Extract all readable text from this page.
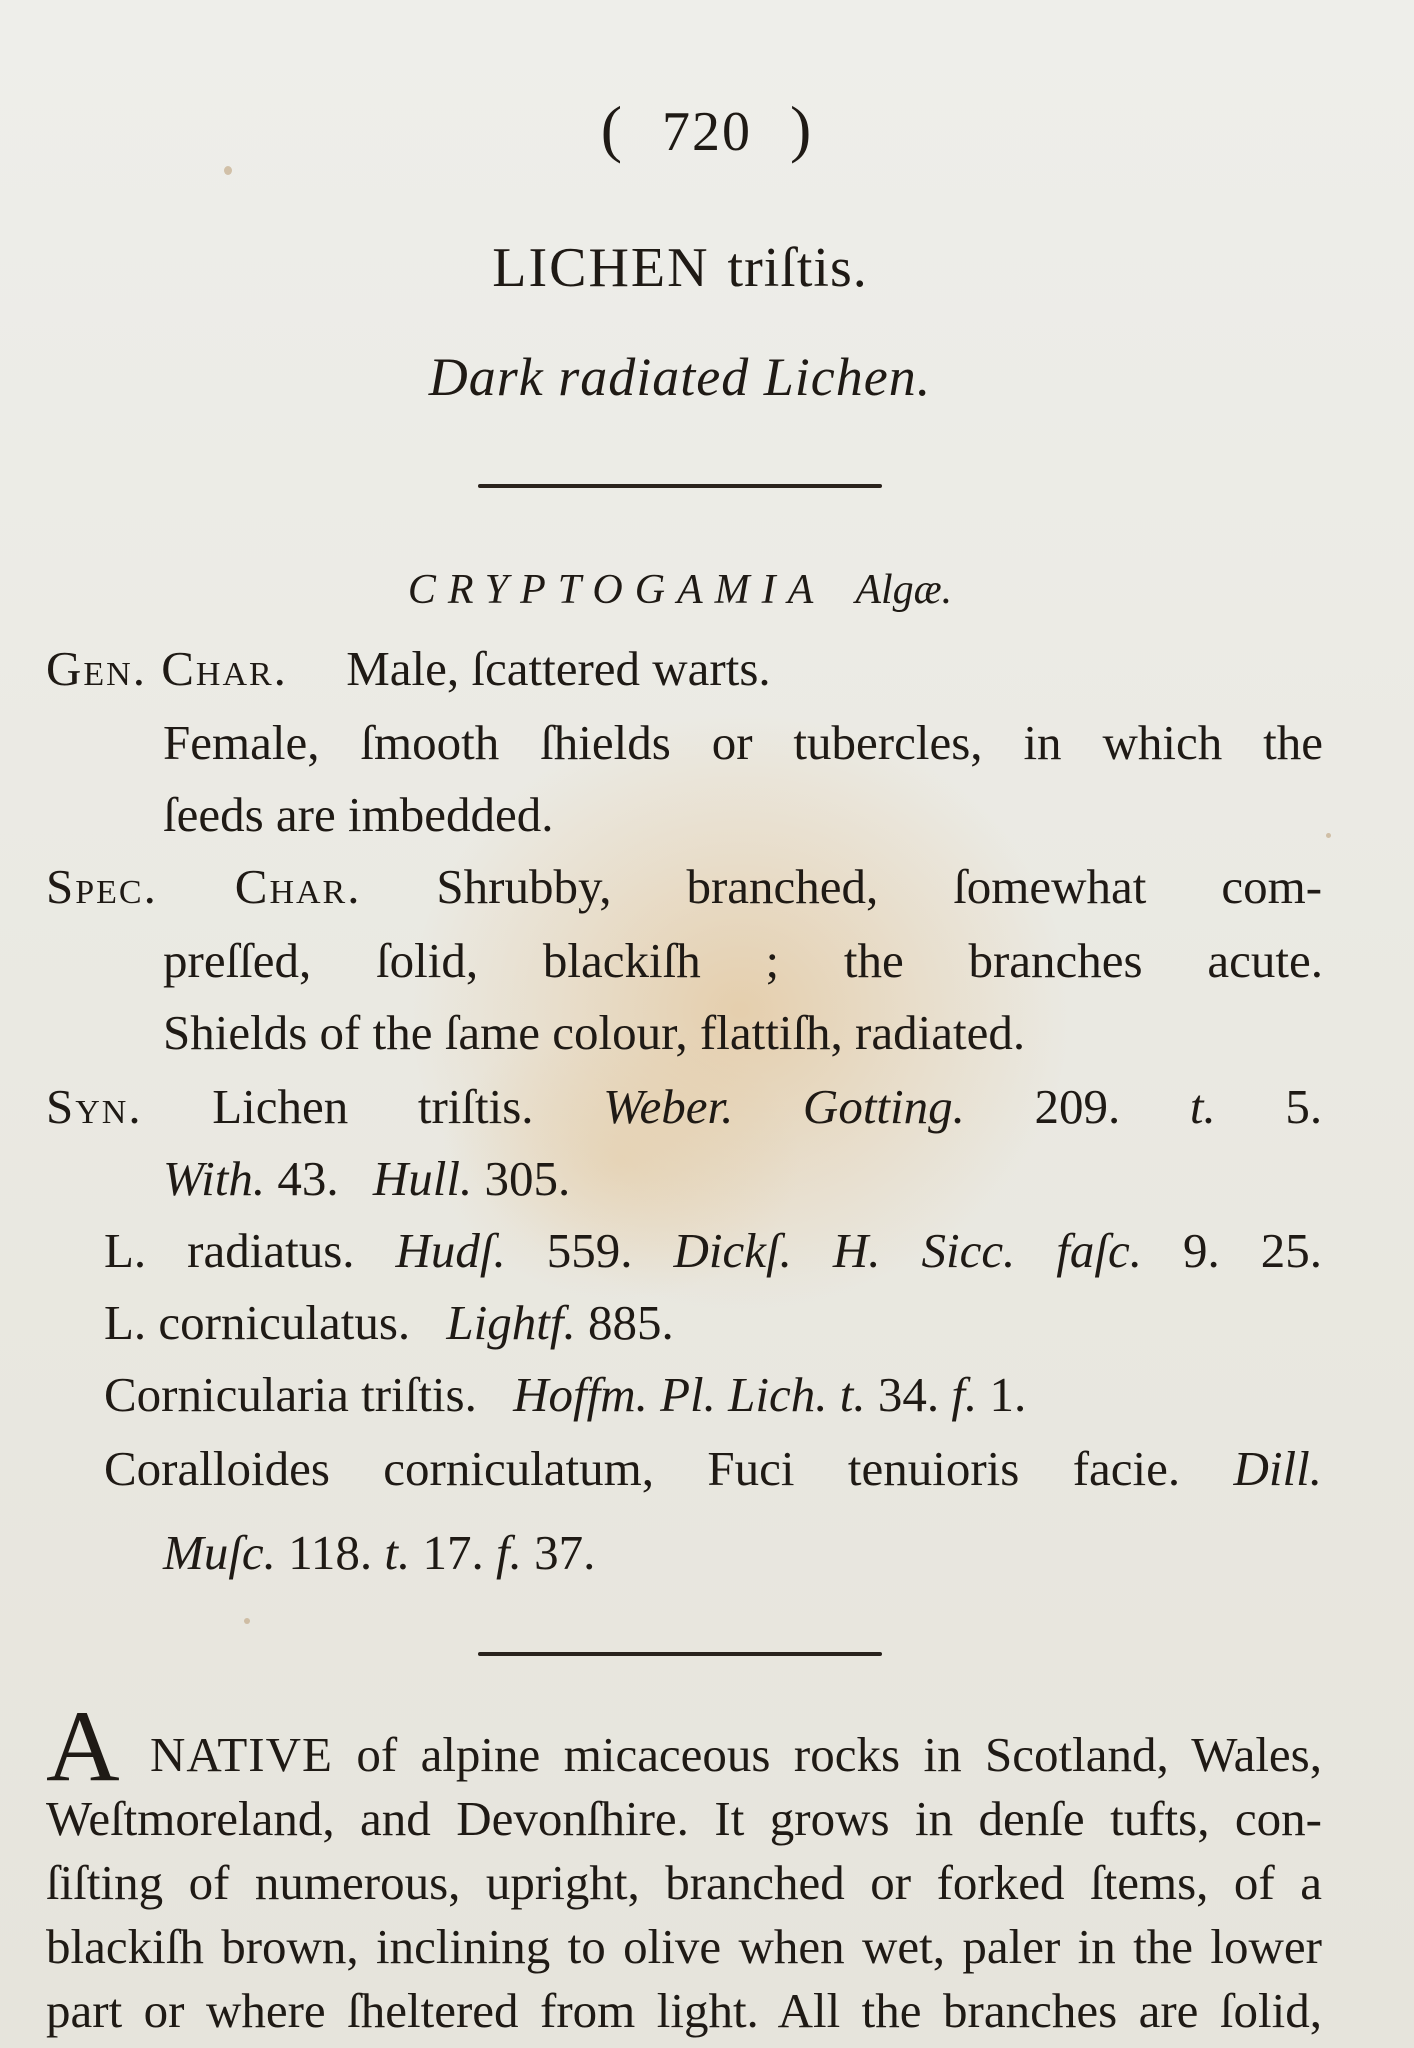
( 720 )
LICHEN triſtis.
Dark radiated Lichen.
CRYPTOGAMIA Algæ.
Gen. Char. Male, ſcattered warts.
Female, ſmooth ſhields or tubercles, in which the
ſeeds are imbedded.
Spec. Char. Shrubby, branched, ſomewhat com-
preſſed, ſolid, blackiſh ; the branches acute.
Shields of the ſame colour, flattiſh, radiated.
Syn. Lichen triſtis. Weber. Gotting. 209. t. 5.
With. 43. Hull. 305.
L. radiatus. Hudſ. 559. Dickſ. H. Sicc. faſc. 9. 25.
L. corniculatus. Lightf. 885.
Cornicularia triſtis. Hoffm. Pl. Lich. t. 34. f. 1.
Coralloides corniculatum, Fuci tenuioris facie. Dill.
Muſc. 118. t. 17. f. 37.
A NATIVE of alpine micaceous rocks in Scotland, Wales,
Weſtmoreland, and Devonſhire. It grows in denſe tufts, con-
ſiſting of numerous, upright, branched or forked ſtems, of a
blackiſh brown, inclining to olive when wet, paler in the lower
part or where ſheltered from light. All the branches are ſolid,
